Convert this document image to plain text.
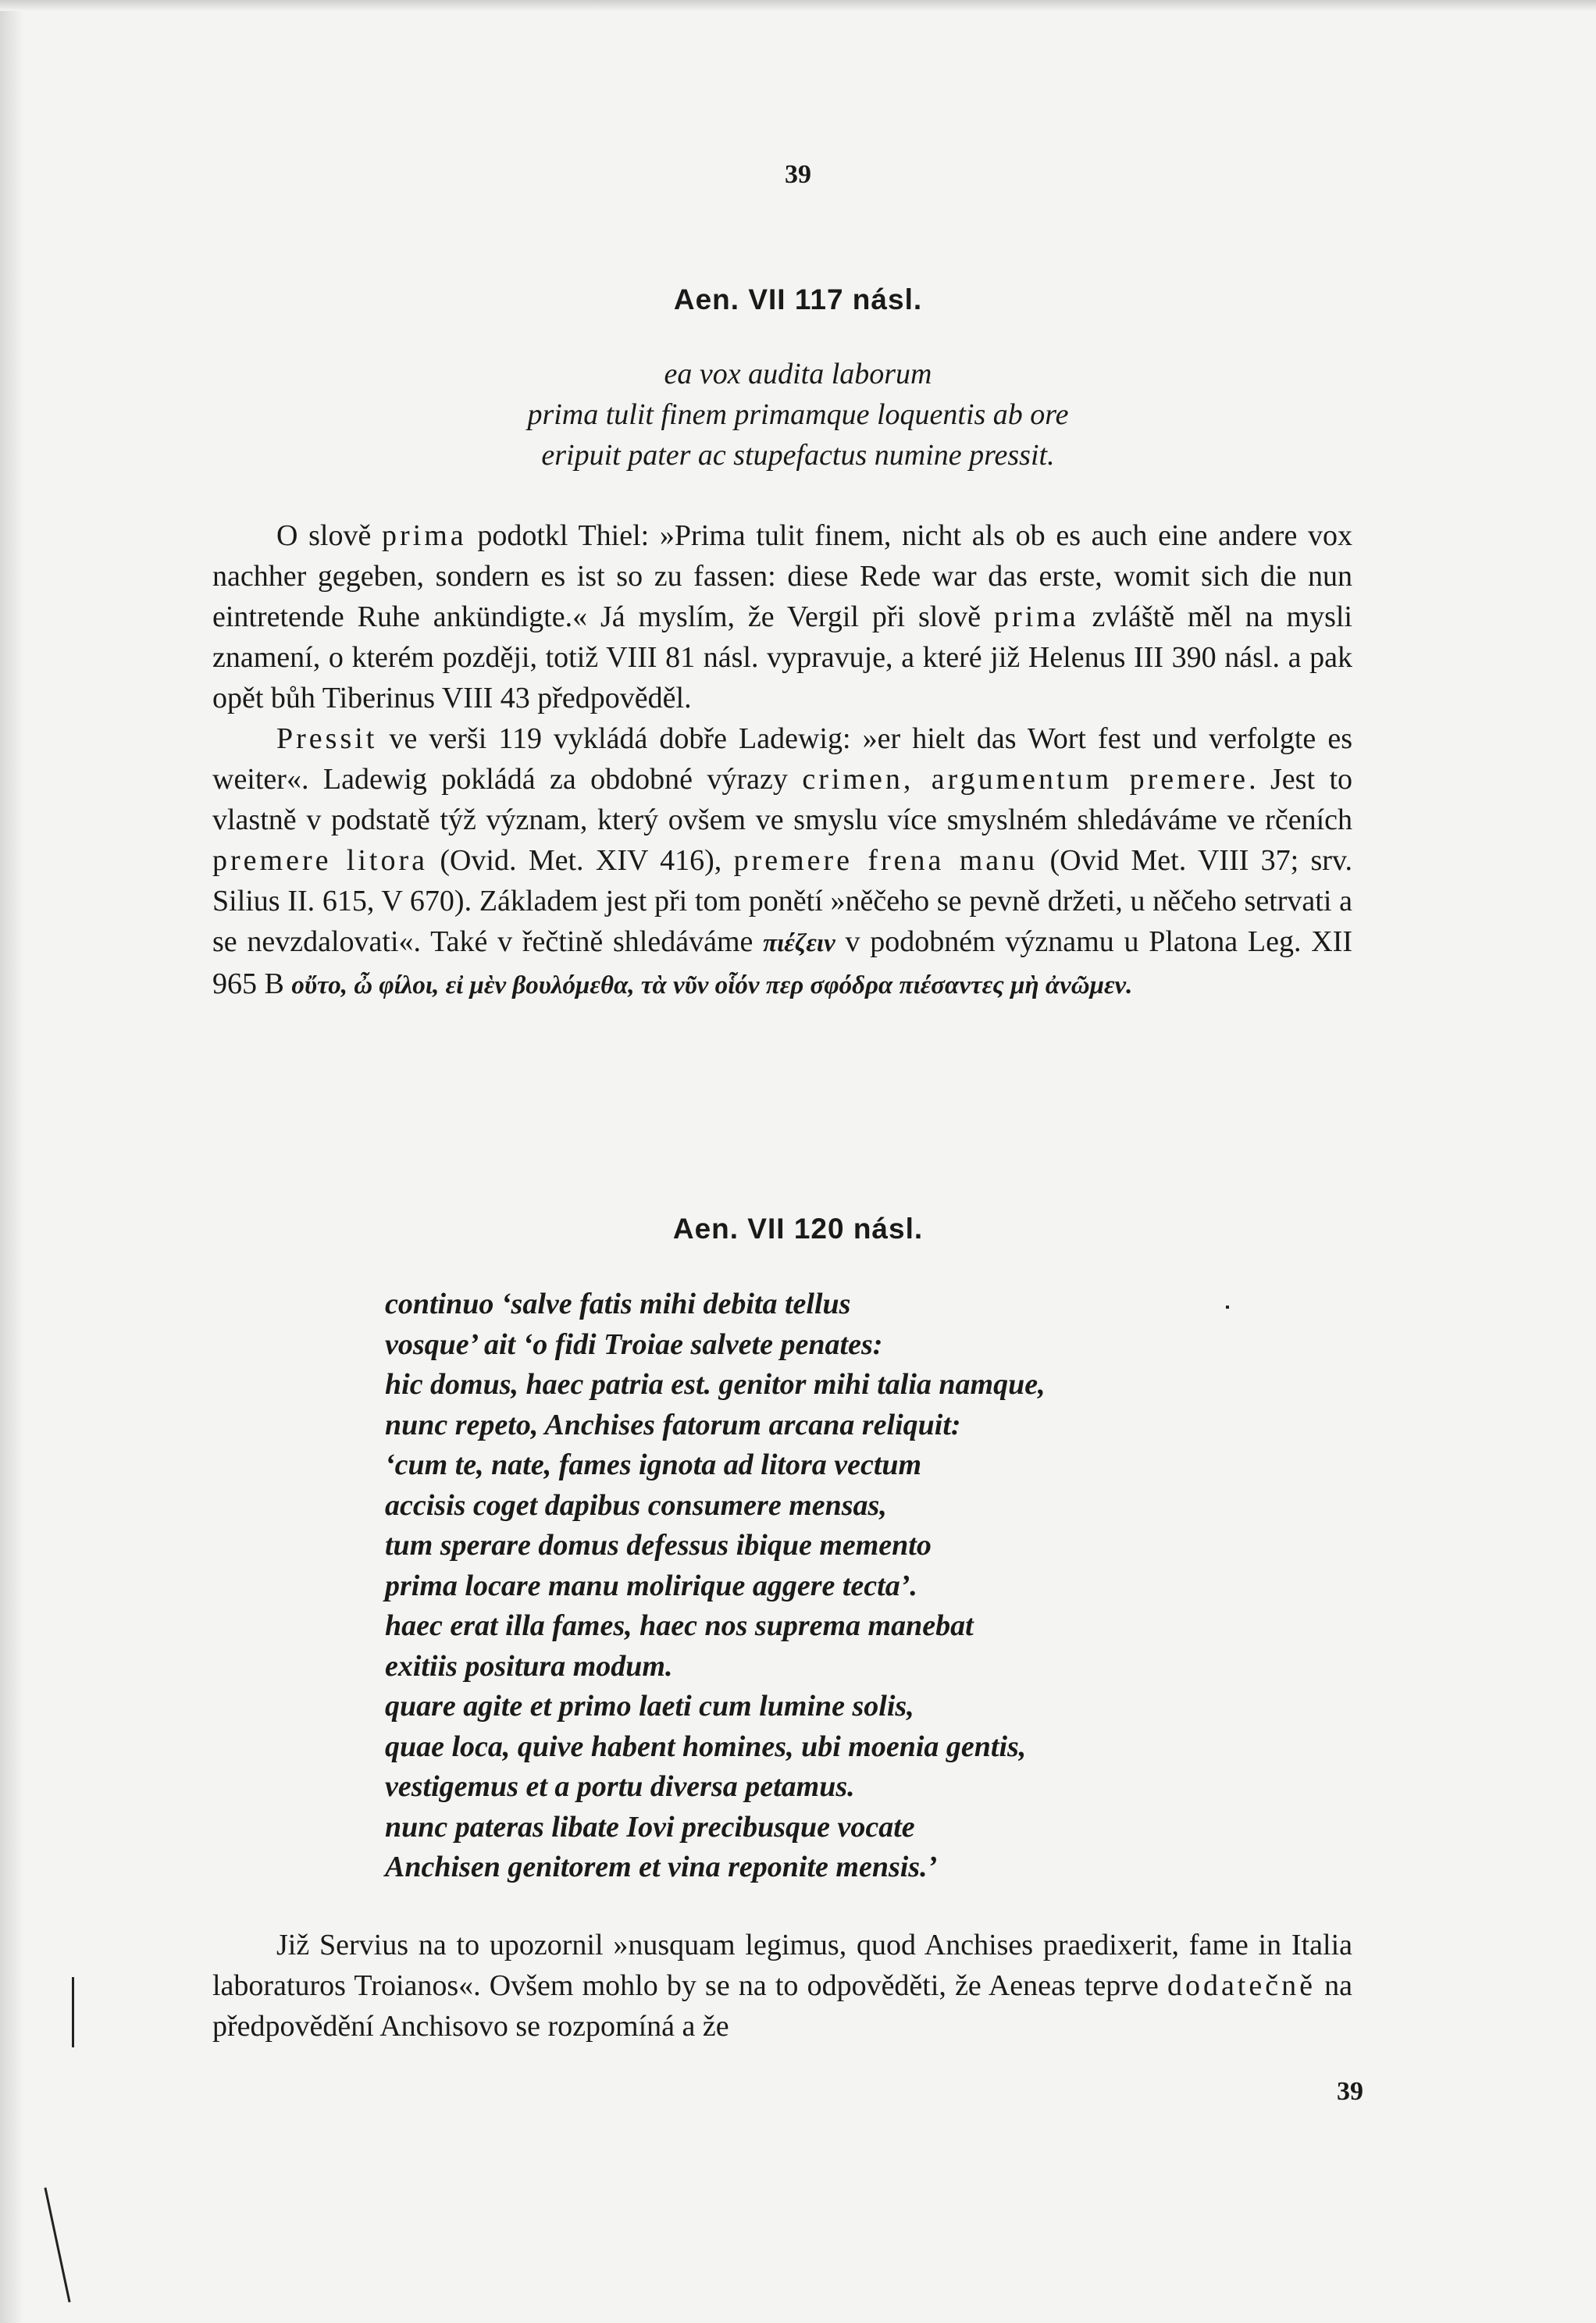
39
Aen. VII 117 násl.
ea vox audita laborum
prima tulit finem primamque loquentis ab ore
eripuit pater ac stupefactus numine pressit.

O slově prima podotkl Thiel: »Prima tulit finem, nicht als ob es auch eine andere vox nachher gegeben, sondern es ist so zu fassen: diese Rede war das erste, womit sich die nun eintretende Ruhe ankündigte.« Já myslím, že Vergil při slově prima zvláště měl na mysli znamení, o kterém později, totiž VIII 81 násl. vypravuje, a které již Helenus III 390 násl. a pak opět bůh Tiberinus VIII 43 předpověděl.

Pressit ve verši 119 vykládá dobře Ladewig: »er hielt das Wort fest und verfolgte es weiter«. Ladewig pokládá za obdobné výrazy crimen, argumentum premere. Jest to vlastně v podstatě týž význam, který ovšem ve smyslu více smyslném shledáváme ve rčeních premere litora (Ovid. Met. XIV 416), premere frena manu (Ovid Met. VIII 37; srv. Silius II. 615, V 670). Základem jest při tom ponětí »něčeho se pevně držeti, u něčeho setrvati a se nevzdalovati«. Také v řečtině shledáváme πιέζειν v podobném významu u Platona Leg. XII 965 B οὔτο, ὦ φίλοι, εἰ μὲν βουλόμεθα, τὰ νῦν οἷόν περ σφόδρα πιέσαντες μὴ ἀνῶμεν.

Aen. VII 120 násl.
continuo ‘salve fatis mihi debita tellus
vosque’ ait ‘o fidi Troiae salvete penates:
hic domus, haec patria est. genitor mihi talia namque,
nunc repeto, Anchises fatorum arcana reliquit:
‘cum te, nate, fames ignota ad litora vectum
accisis coget dapibus consumere mensas,
tum sperare domus defessus ibique memento
prima locare manu molirique aggere tecta’.
haec erat illa fames, haec nos suprema manebat
exitiis positura modum.
quare agite et primo laeti cum lumine solis,
quae loca, quive habent homines, ubi moenia gentis,
vestigemus et a portu diversa petamus.
nunc pateras libate Iovi precibusque vocate
Anchisen genitorem et vina reponite mensis.’

Již Servius na to upozornil »nusquam legimus, quod Anchises praedixerit, fame in Italia laboraturos Troianos«. Ovšem mohlo by se na to odpověděti, že Aeneas teprve dodatečně na předpovědění Anchisovo se rozpomíná a že

39
